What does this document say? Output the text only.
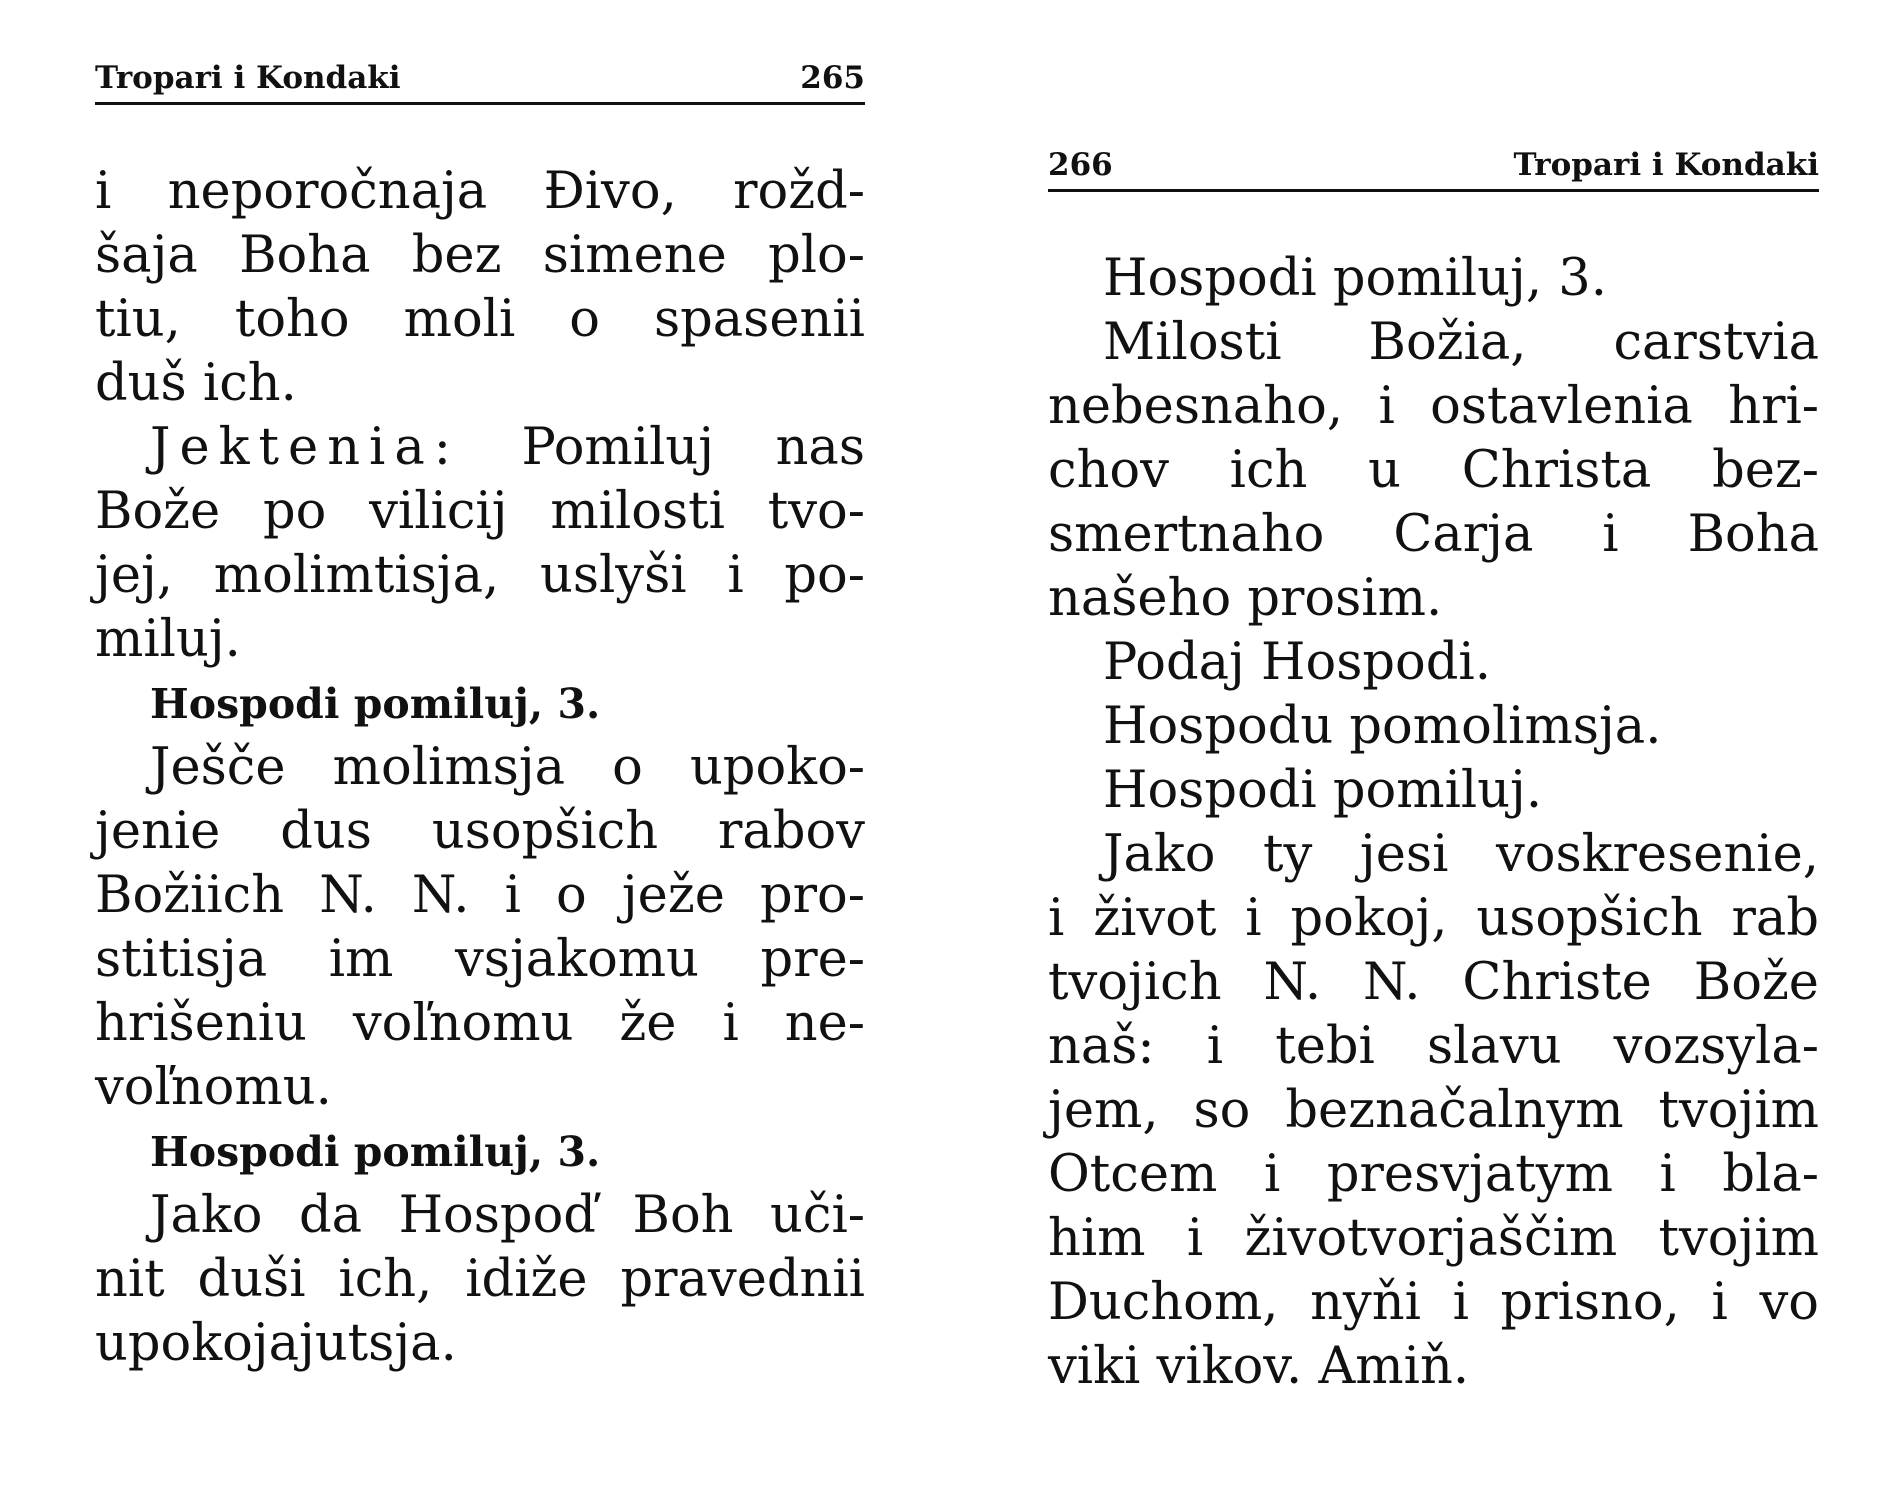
Tropari i Kondaki	265
i neporočnaja Đivo, rožd-
šaja Boha bez simene plo-
tiu, toho moli o spasenii
duš ich.
Jektenia: Pomiluj nas
Bože po vilicij milosti tvo-
jej, molimtisja, uslyši i po-
miluj.
Hospodi pomiluj, 3.
Ješče molimsja o upoko-
jenie dus usopšich rabov
Božiich N. N. i o ježe pro-
stitisja im vsjakomu pre-
hrišeniu voľnomu že i ne-
voľnomu.
Hospodi pomiluj, 3.
Jako da Hospoď Boh uči-
nit duši ich, idiže pravednii
upokojajutsja.
266	Tropari i Kondaki
Hospodi pomiluj, 3.
Milosti Božia, carstvia
nebesnaho, i ostavlenia hri-
chov ich u Christa bez-
smertnaho Carja i Boha
našeho prosim.
Podaj Hospodi.
Hospodu pomolimsja.
Hospodi pomiluj.
Jako ty jesi voskresenie,
i život i pokoj, usopšich rab
tvojich N. N. Christe Bože
naš: i tebi slavu vozsyla-
jem, so beznačalnym tvojim
Otcem i presvjatym i bla-
him i životvorjaščim tvojim
Duchom, nyňi i prisno, i vo
viki vikov. Amiň.
